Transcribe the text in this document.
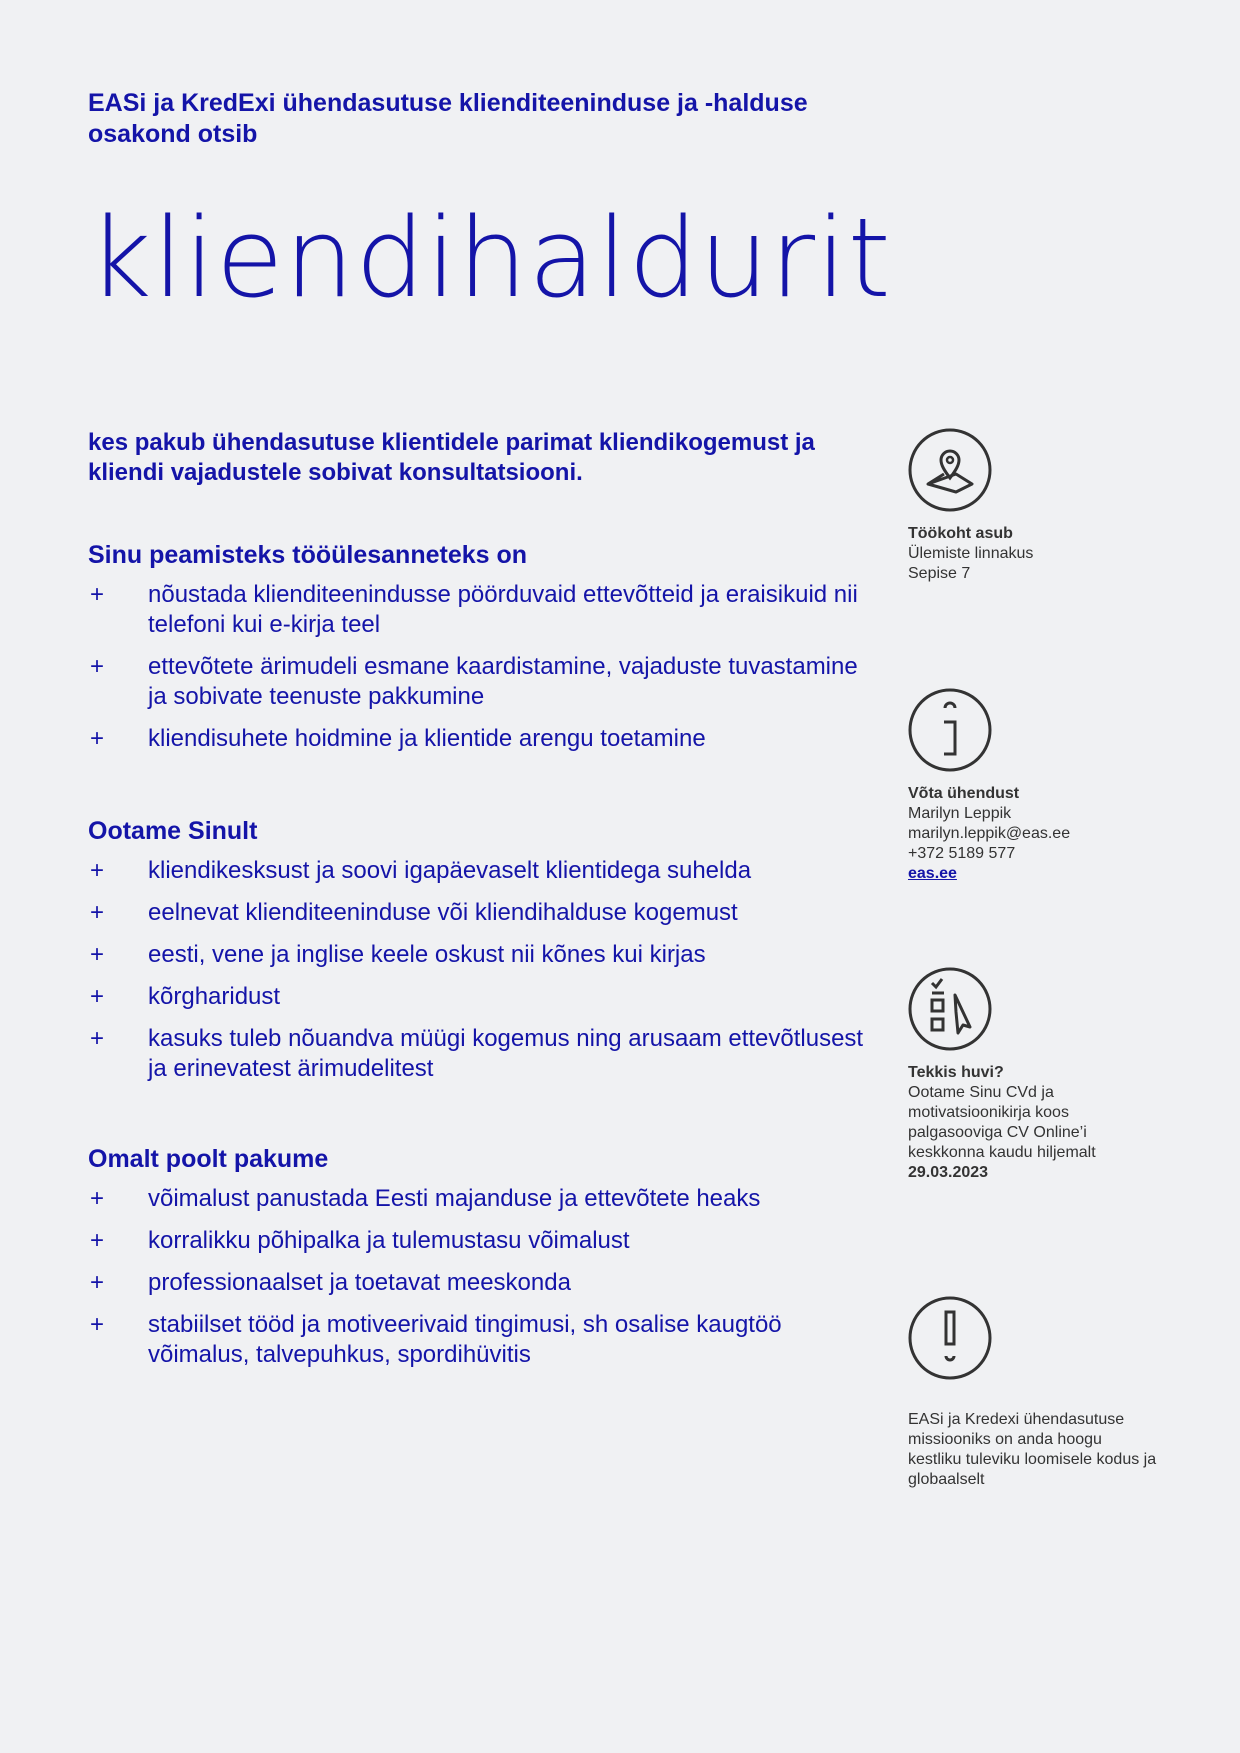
EASi ja KredExi ühendasutuse klienditeeninduse ja -halduse osakond otsib

kliendihaldurit

kes pakub ühendasutuse klientidele parimat kliendikogemust ja kliendi vajadustele sobivat konsultatsiooni.

Sinu peamisteks tööülesanneteks on
+ nõustada klienditeenindusse pöörduvaid ettevõtteid ja eraisikuid nii telefoni kui e-kirja teel
+ ettevõtete ärimudeli esmane kaardistamine, vajaduste tuvastamine ja sobivate teenuste pakkumine
+ kliendisuhete hoidmine ja klientide arengu toetamine
Ootame Sinult
+ kliendikesksust ja soovi igapäevaselt klientidega suhelda
+ eelnevat klienditeeninduse või kliendihalduse kogemust
+ eesti, vene ja inglise keele oskust nii kõnes kui kirjas
+ kõrgharidust
+ kasuks tuleb nõuandva müügi kogemus ning arusaam ettevõtlusest ja erinevatest ärimudelitest
Omalt poolt pakume
+ võimalust panustada Eesti majanduse ja ettevõtete heaks
+ korralikku põhipalka ja tulemustasu võimalust
+ professionaalset ja toetavat meeskonda
+ stabiilset tööd ja motiveerivaid tingimusi, sh osalise kaugtöö võimalus, talvepuhkus, spordihüvitis
Töökoht asub
Ülemiste linnakus
Sepise 7
Võta ühendust
Marilyn Leppik
marilyn.leppik@eas.ee
+372 5189 577
eas.ee
Tekkis huvi?
Ootame Sinu CVd ja motivatsioonikirja koos palgasooviga CV Online’i keskkonna kaudu hiljemalt
29.03.2023
EASi ja Kredexi ühendasutuse missiooniks on anda hoogu kestliku tuleviku loomisele kodus ja globaalselt
